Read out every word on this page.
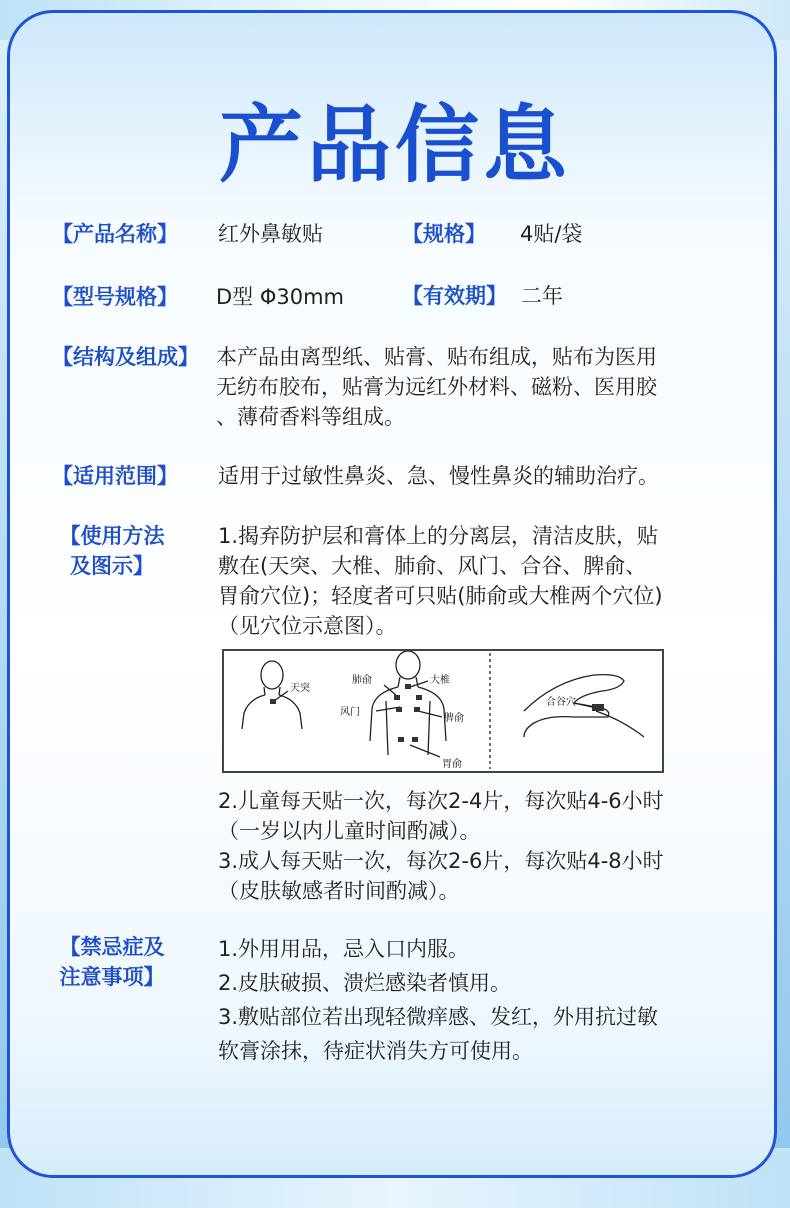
产品信息
【产品名称】 红外鼻敏贴	【规格】 4贴/袋
【型号规格】 D型 Φ30mm	【有效期】 二年
【结构及组成】 本产品由离型纸、贴膏、贴布组成，贴布为医用
无纺布胶布，贴膏为远红外材料、磁粉、医用胶
、薄荷香料等组成。
【适用范围】 适用于过敏性鼻炎、急、慢性鼻炎的辅助治疗。
【使用方法
及图示】
1.揭弃防护层和膏体上的分离层，清洁皮肤，贴
敷在(天突、大椎、肺俞、风门、合谷、脾俞、
胃俞穴位)；轻度者可只贴(肺俞或大椎两个穴位)
（见穴位示意图）。
天突
肺俞	大椎
风门
脾俞
胃俞
合谷穴
2.儿童每天贴一次，每次2-4片，每次贴4-6小时
（一岁以内儿童时间酌减）。
3.成人每天贴一次，每次2-6片，每次贴4-8小时
（皮肤敏感者时间酌减）。
【禁忌症及
注意事项】
1.外用用品，忌入口内服。
2.皮肤破损、溃烂感染者慎用。
3.敷贴部位若出现轻微痒感、发红，外用抗过敏
软膏涂抹，待症状消失方可使用。
